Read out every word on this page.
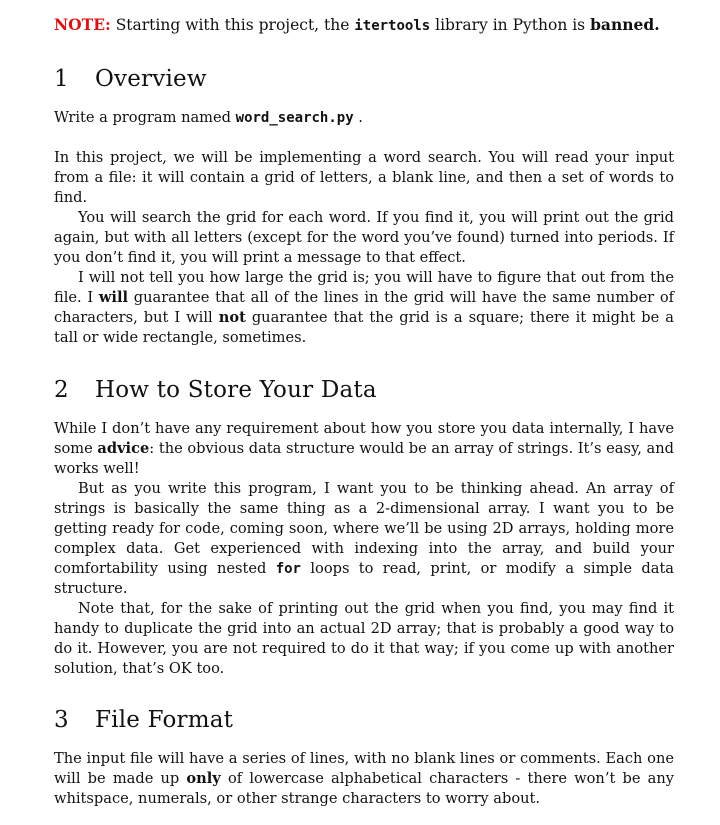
NOTE: Starting with this project, the itertools library in Python is banned.
1 Overview

Write a program named word_search.py .

In this project, we will be implementing a word search. You will read your input from a file: it will contain a grid of letters, a blank line, and then a set of words to find.

You will search the grid for each word. If you find it, you will print out the grid again, but with all letters (except for the word you’ve found) turned into periods. If you don’t find it, you will print a message to that effect.

I will not tell you how large the grid is; you will have to figure that out from the file. I will guarantee that all of the lines in the grid will have the same number of characters, but I will not guarantee that the grid is a square; there it might be a tall or wide rectangle, sometimes.

2 How to Store Your Data

While I don’t have any requirement about how you store you data internally, I have some advice: the obvious data structure would be an array of strings. It’s easy, and works well!

But as you write this program, I want you to be thinking ahead. An array of strings is basically the same thing as a 2-dimensional array. I want you to be getting ready for code, coming soon, where we’ll be using 2D arrays, holding more complex data. Get experienced with indexing into the array, and build your comfortability using nested for loops to read, print, or modify a simple data structure.

Note that, for the sake of printing out the grid when you find, you may find it handy to duplicate the grid into an actual 2D array; that is probably a good way to do it. However, you are not required to do it that way; if you come up with another solution, that’s OK too.

3 File Format

The input file will have a series of lines, with no blank lines or comments. Each one will be made up only of lowercase alphabetical characters - there won’t be any whitspace, numerals, or other strange characters to worry about.
